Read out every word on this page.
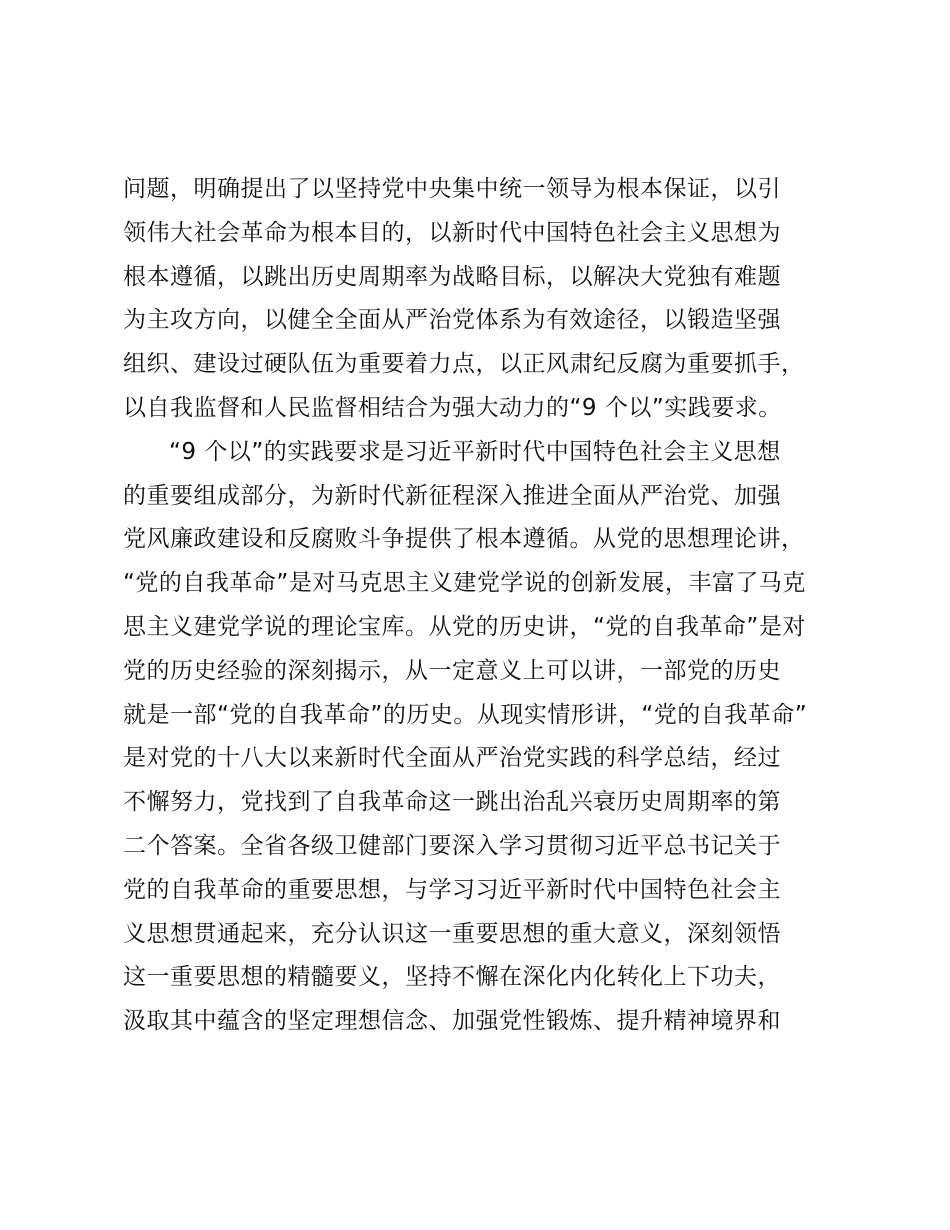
问题，明确提出了以坚持党中央集中统一领导为根本保证，以引
领伟大社会革命为根本目的，以新时代中国特色社会主义思想为
根本遵循，以跳出历史周期率为战略目标，以解决大党独有难题
为主攻方向，以健全全面从严治党体系为有效途径，以锻造坚强
组织、建设过硬队伍为重要着力点，以正风肃纪反腐为重要抓手，
以自我监督和人民监督相结合为强大动力的“9 个以”实践要求。
“9 个以”的实践要求是习近平新时代中国特色社会主义思想
的重要组成部分，为新时代新征程深入推进全面从严治党、加强
党风廉政建设和反腐败斗争提供了根本遵循。从党的思想理论讲，
“党的自我革命”是对马克思主义建党学说的创新发展，丰富了马克
思主义建党学说的理论宝库。从党的历史讲，“党的自我革命”是对
党的历史经验的深刻揭示，从一定意义上可以讲，一部党的历史
就是一部“党的自我革命”的历史。从现实情形讲，“党的自我革命”
是对党的十八大以来新时代全面从严治党实践的科学总结，经过
不懈努力，党找到了自我革命这一跳出治乱兴衰历史周期率的第
二个答案。全省各级卫健部门要深入学习贯彻习近平总书记关于
党的自我革命的重要思想，与学习习近平新时代中国特色社会主
义思想贯通起来，充分认识这一重要思想的重大意义，深刻领悟
这一重要思想的精髓要义，坚持不懈在深化内化转化上下功夫，
汲取其中蕴含的坚定理想信念、加强党性锻炼、提升精神境界和
